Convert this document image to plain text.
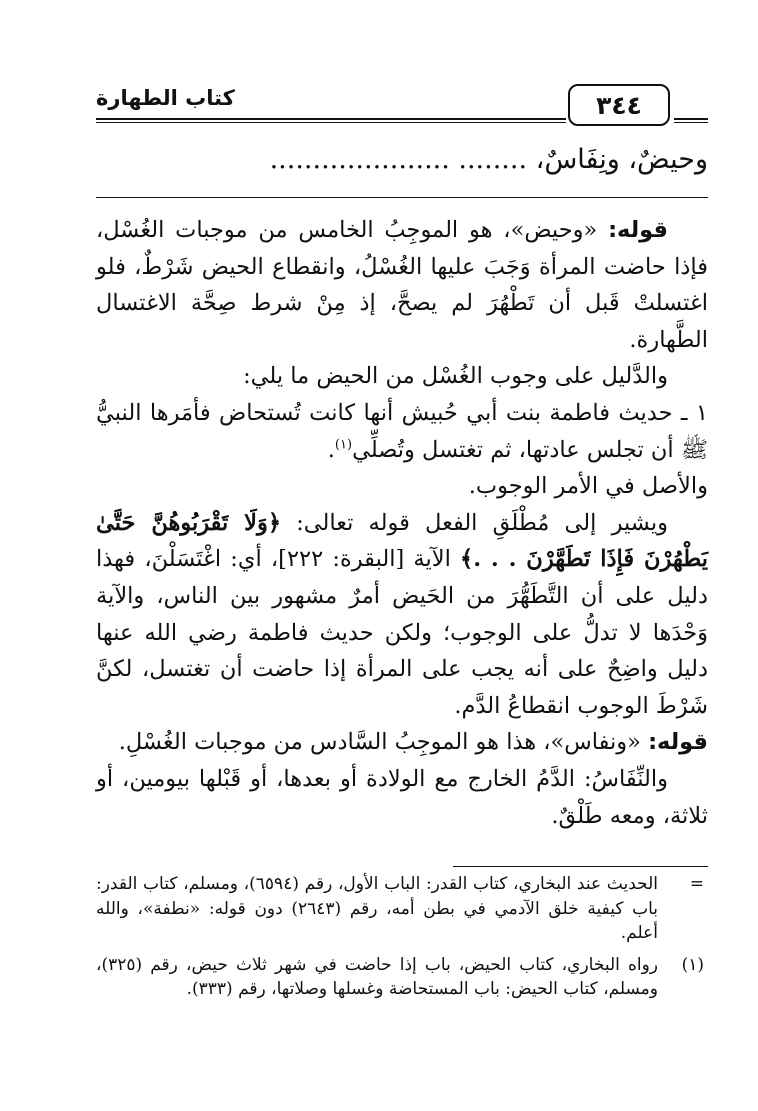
كتاب الطهارة	٣٤٤
وحيضٌ، ونِفَاسٌ، ........ .....................

قوله: «وحيض»، هو الموجِبُ الخامس من موجبات الغُسْل، فإذا حاضت المرأة وَجَبَ عليها الغُسْلُ، وانقطاع الحيض شَرْطٌ، فلو اغتسلتْ قَبل أن تَطْهُرَ لم يصحَّ، إذ مِنْ شرط صِحَّة الاغتسال الطَّهارة.

والدَّليل على وجوب الغُسْل من الحيض ما يلي:

١ ـ حديث فاطمة بنت أبي حُبيش أنها كانت تُستحاض فأمَرها النبيُّ ﷺ أن تجلس عادتها، ثم تغتسل وتُصلِّي$^{(١)}$.

والأصل في الأمر الوجوب.

ويشير إلى مُطْلَقِ الفعل قوله تعالى: ﴿وَلَا تَقْرَبُوهُنَّ حَتَّىٰ يَطْهُرْنَ فَإِذَا تَطَهَّرْنَ . . .﴾ الآية [البقرة: ٢٢٢]، أي: اغْتَسَلْنَ، فهذا دليل على أن التَّطَهُّرَ من الحَيض أمرٌ مشهور بين الناس، والآية وَحْدَها لا تدلُّ على الوجوب؛ ولكن حديث فاطمة رضي الله عنها دليل واضِحٌ على أنه يجب على المرأة إذا حاضت أن تغتسل، لكنَّ شَرْطَ الوجوب انقطاعُ الدَّم.

قوله: «ونفاس»، هذا هو الموجِبُ السَّادس من موجبات الغُسْلِ.

والنِّفَاسُ: الدَّمُ الخارج مع الولادة أو بعدها، أو قَبْلها بيومين، أو ثلاثة، ومعه طَلْقٌ.

=
الحديث عند البخاري، كتاب القدر: الباب الأول، رقم (٦٥٩٤)، ومسلم، كتاب القدر: باب كيفية خلق الآدمي في بطن أمه، رقم (٢٦٤٣) دون قوله: «نطفة»، والله أعلم.
(١)
رواه البخاري، كتاب الحيض، باب إذا حاضت في شهر ثلاث حيض، رقم (٣٢٥)، ومسلم، كتاب الحيض: باب المستحاضة وغسلها وصلاتها، رقم (٣٣٣).
